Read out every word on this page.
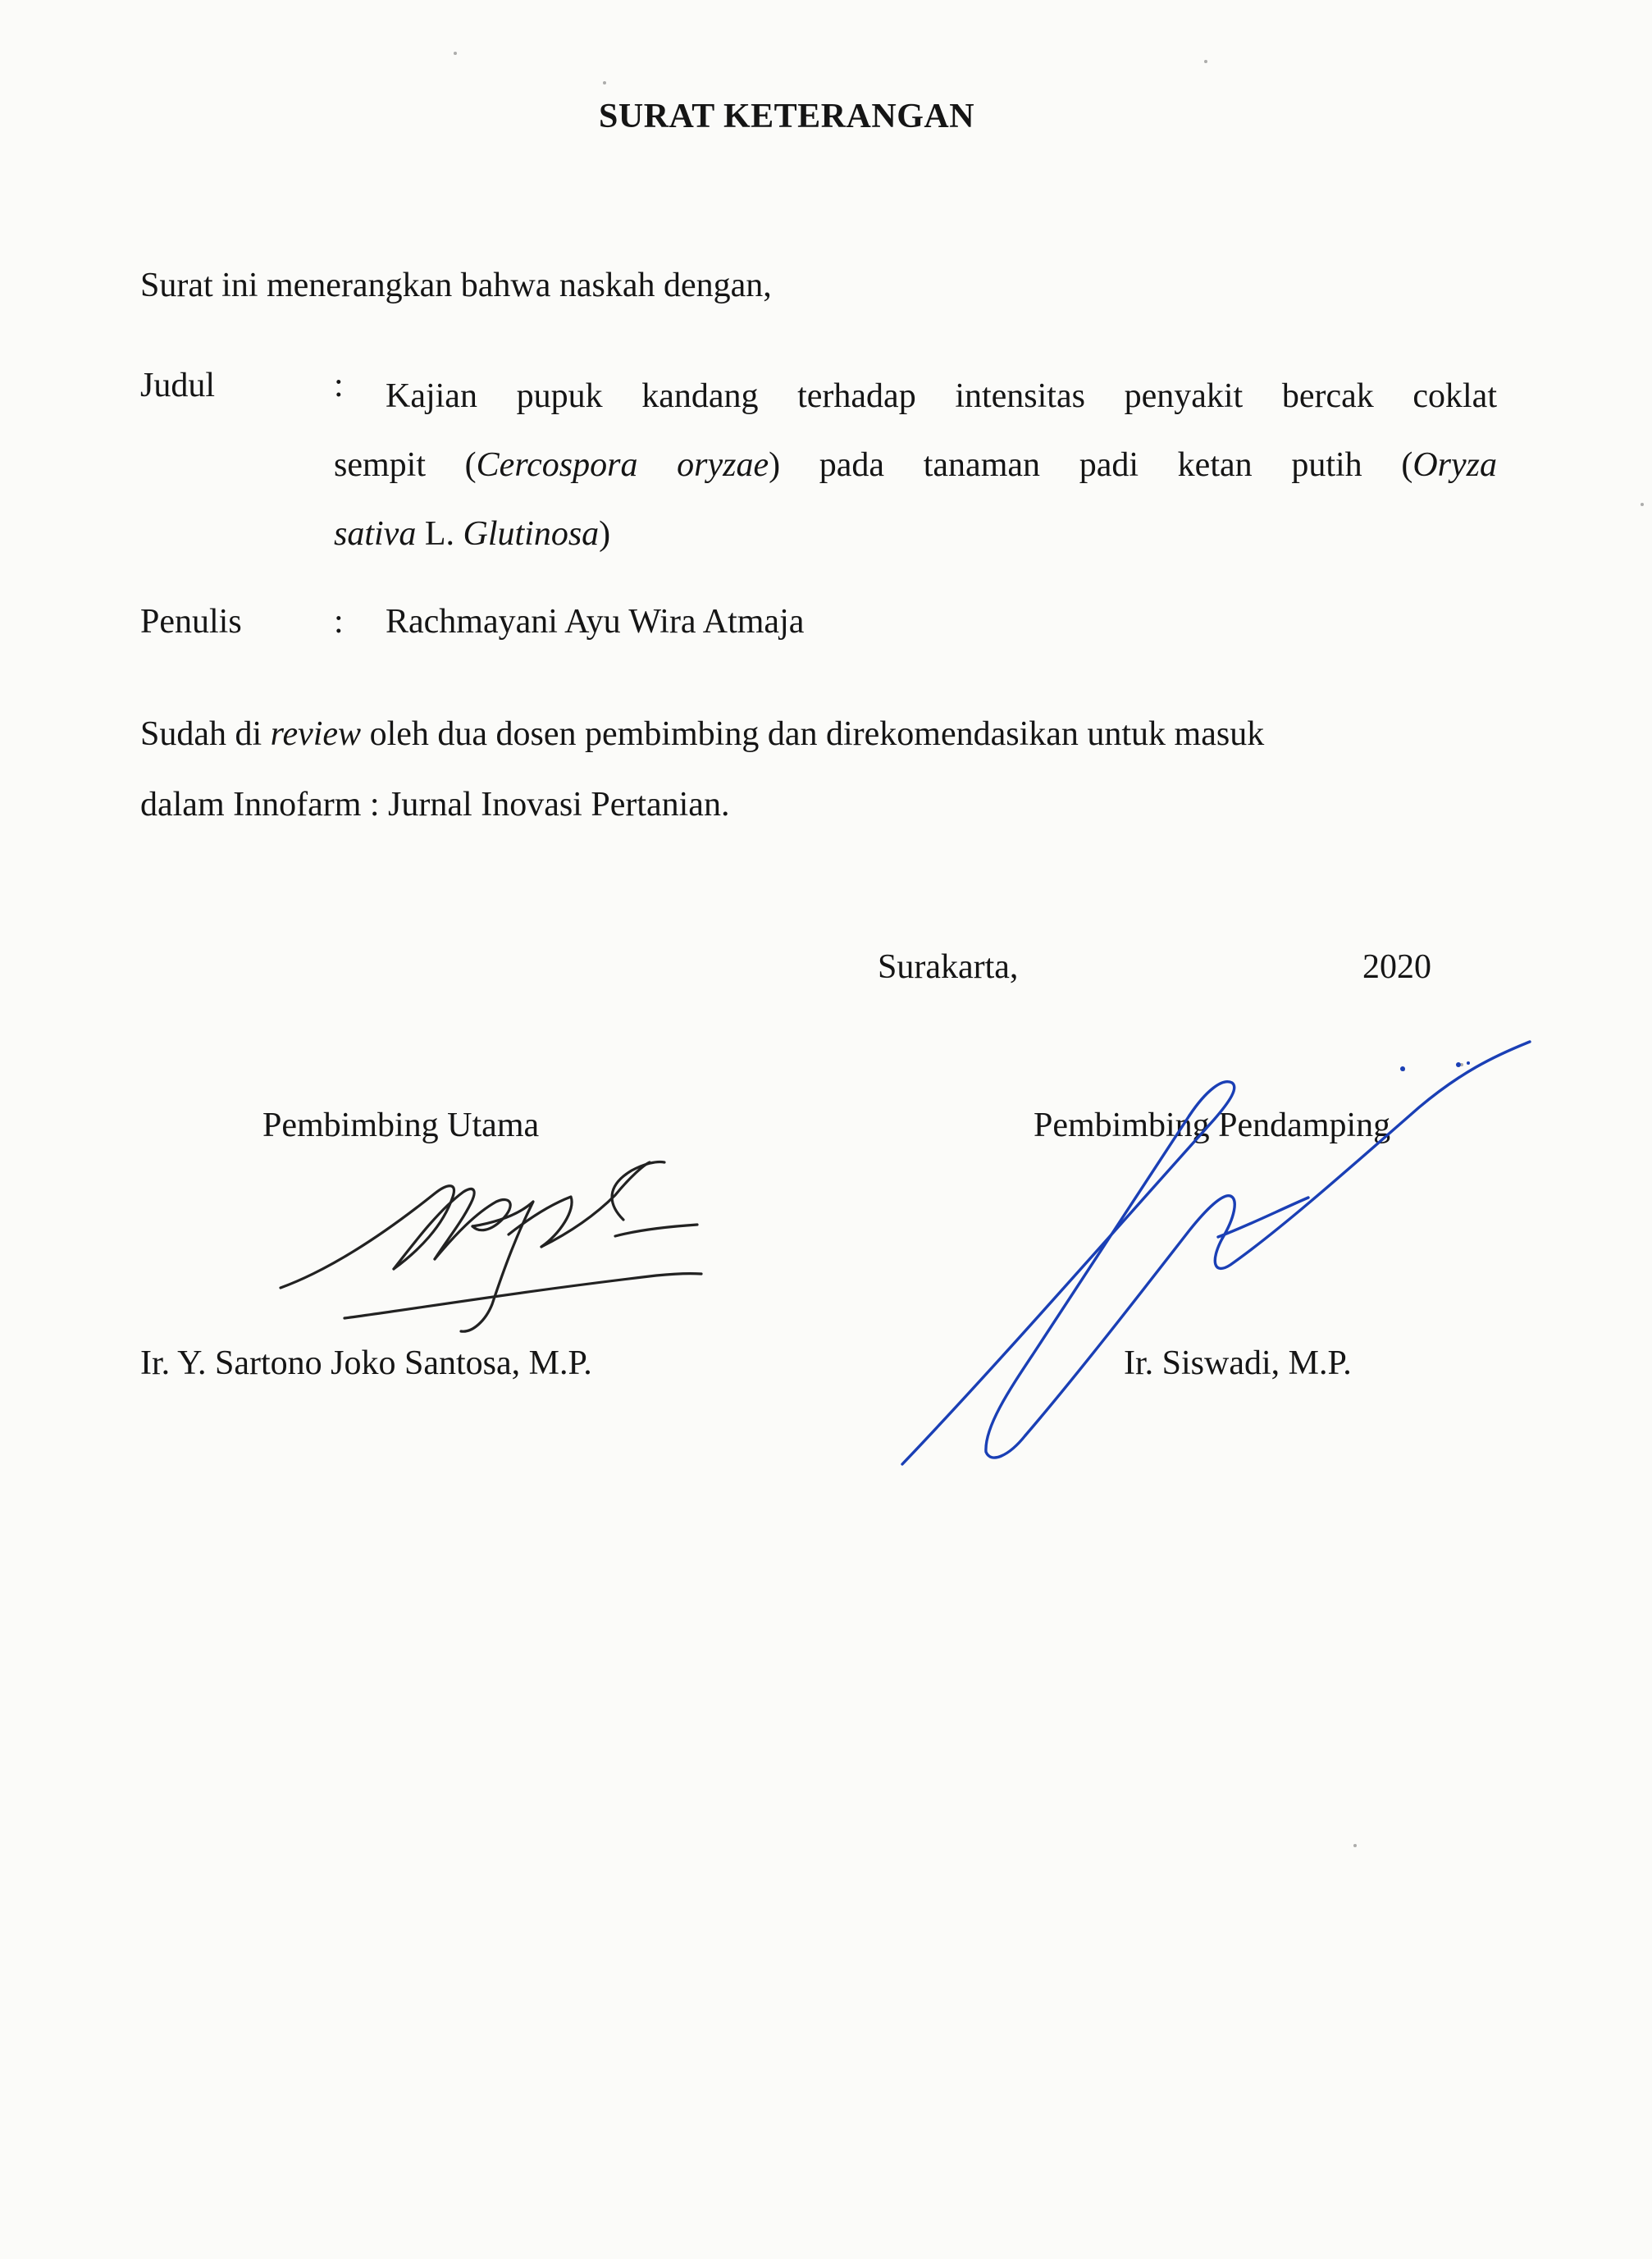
SURAT KETERANGAN
Surat ini menerangkan bahwa naskah dengan,
Judul	: Kajian pupuk kandang terhadap intensitas penyakit bercak coklat
sempit (Cercospora oryzae) pada tanaman padi ketan putih (Oryza
sativa L. Glutinosa)
Penulis	: Rachmayani Ayu Wira Atmaja
Sudah di review oleh dua dosen pembimbing dan direkomendasikan untuk masuk
dalam Innofarm : Jurnal Inovasi Pertanian.
Surakarta,	2020
Pembimbing Utama	Pembimbing Pendamping
Ir. Y. Sartono Joko Santosa, M.P.	Ir. Siswadi, M.P.
